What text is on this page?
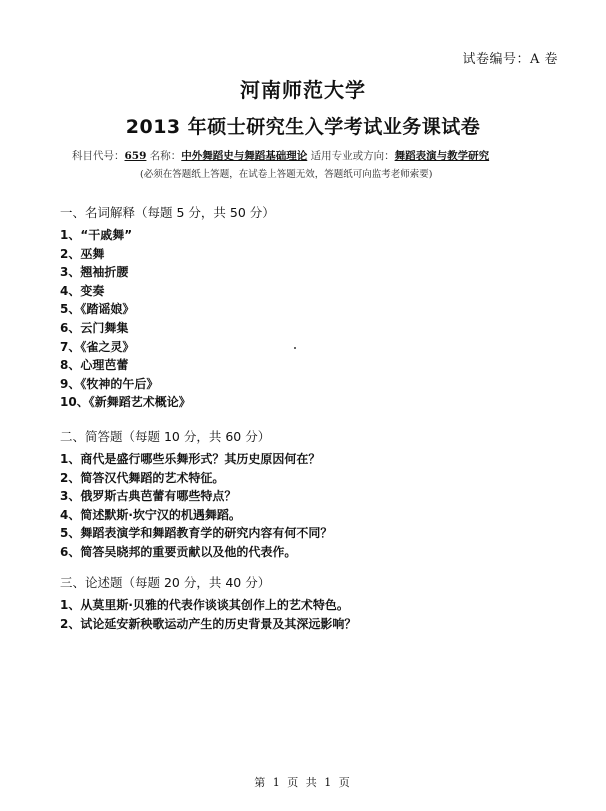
试卷编号：A 卷
河南师范大学
2013 年硕士研究生入学考试业务课试卷
科目代号：659 名称：中外舞蹈史与舞蹈基础理论 适用专业或方向：舞蹈表演与教学研究
(必须在答题纸上答题，在试卷上答题无效，答题纸可向监考老师索要)
一、名词解释（每题 5 分，共 50 分）
1、“干戚舞”
2、巫舞
3、翘袖折腰
4、变奏
5、《踏谣娘》
6、云门舞集
7、《雀之灵》
8、心理芭蕾
9、《牧神的午后》
10、《新舞蹈艺术概论》
二、简答题（每题 10 分，共 60 分）
1、商代是盛行哪些乐舞形式？其历史原因何在？
2、简答汉代舞蹈的艺术特征。
3、俄罗斯古典芭蕾有哪些特点？
4、简述默斯·坎宁汉的机遇舞蹈。
5、舞蹈表演学和舞蹈教育学的研究内容有何不同？
6、简答吴晓邦的重要贡献以及他的代表作。
三、论述题（每题 20 分，共 40 分）
1、从莫里斯·贝雅的代表作谈谈其创作上的艺术特色。
2、试论延安新秧歌运动产生的历史背景及其深远影响？
第 1 页 共 1 页
